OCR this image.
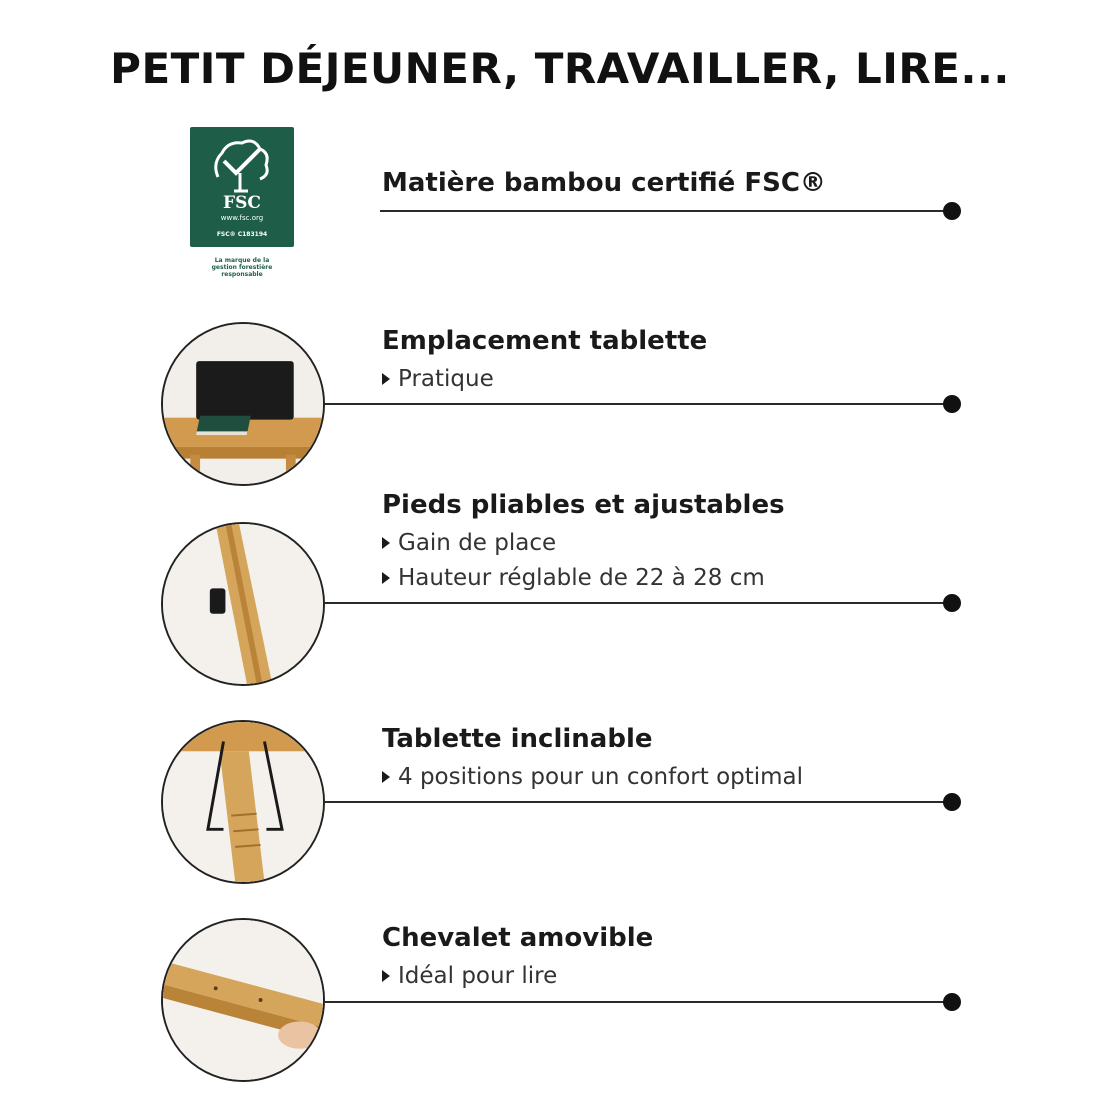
PETIT DÉJEUNER, TRAVAILLER, LIRE...
FSC
www.fsc.org
FSC® C183194
La marque de la
gestion forestière
responsable
Matière bambou certifié FSC®
Emplacement tablette
Pratique
Pieds pliables et ajustables
Gain de place
Hauteur réglable de 22 à 28 cm
Tablette inclinable
4 positions pour un confort optimal
Chevalet amovible
Idéal pour lire
